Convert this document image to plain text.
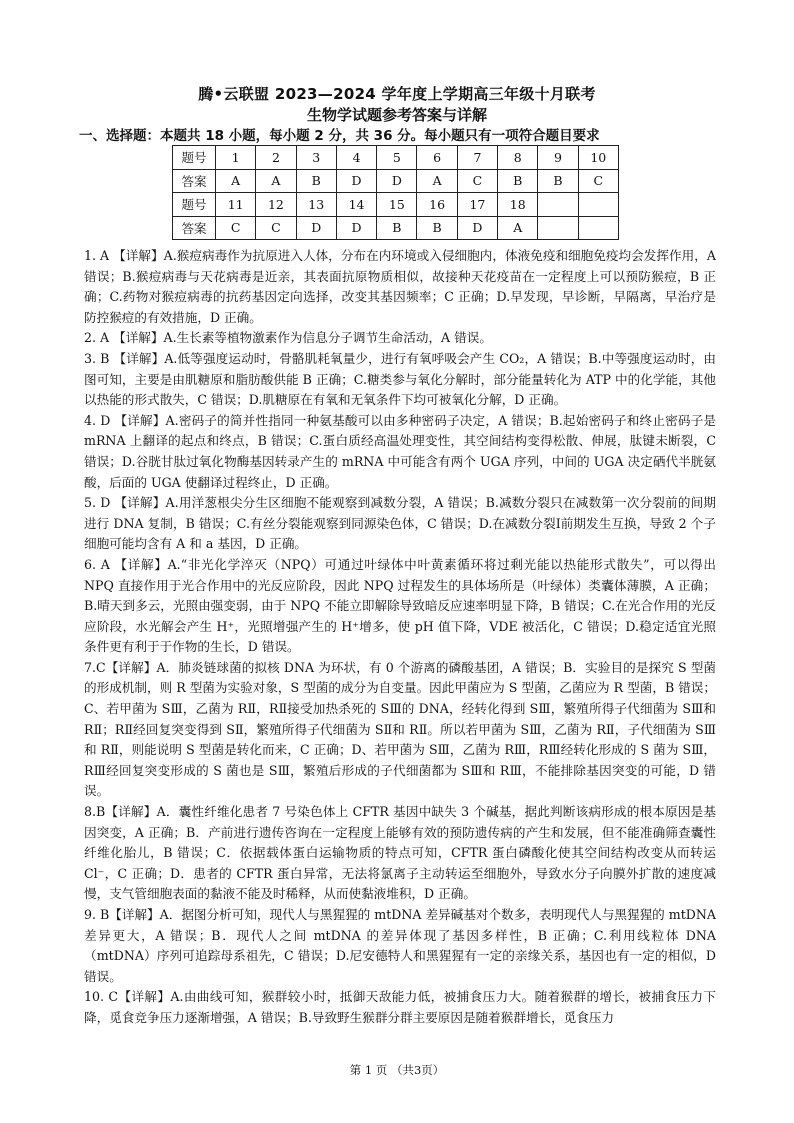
腾•云联盟 2023—2024 学年度上学期高三年级十月联考
生物学试题参考答案与详解
一、选择题：本题共 18 小题，每小题 2 分，共 36 分。每小题只有一项符合题目要求
题号	1	2	3	4	5	6	7	8	9	10
答案	A	A	B	D	D	A	C	B	B	C
题号	11	12	13	14	15	16	17	18		
答案	C	C	D	D	B	B	D	A		

1. A 【详解】A.猴痘病毒作为抗原进入人体，分布在内环境或入侵细胞内，体液免疫和细胞免疫均会发挥作用，A 错误；B.猴痘病毒与天花病毒是近亲，其表面抗原物质相似，故接种天花疫苗在一定程度上可以预防猴痘，B 正确；C.药物对猴痘病毒的抗药基因定向选择，改变其基因频率；C 正确；D.早发现，早诊断，早隔离，早治疗是防控猴痘的有效措施，D 正确。

2. A 【详解】A.生长素等植物激素作为信息分子调节生命活动，A 错误。

3. B 【详解】A.低等强度运动时，骨骼肌耗氧量少，进行有氧呼吸会产生 CO₂，A 错误；B.中等强度运动时，由图可知，主要是由肌糖原和脂肪酸供能 B 正确；C.糖类参与氧化分解时，部分能量转化为 ATP 中的化学能，其他以热能的形式散失，C 错误；D.肌糖原在有氧和无氧条件下均可被氧化分解，D 正确。

4. D 【详解】A.密码子的简并性指同一种氨基酸可以由多种密码子决定，A 错误；B.起始密码子和终止密码子是 mRNA 上翻译的起点和终点，B 错误；C.蛋白质经高温处理变性，其空间结构变得松散、伸展，肽键未断裂，C 错误；D.谷胱甘肽过氧化物酶基因转录产生的 mRNA 中可能含有两个 UGA 序列，中间的 UGA 决定硒代半胱氨酸，后面的 UGA 使翻译过程终止，D 正确。

5. D 【详解】A.用洋葱根尖分生区细胞不能观察到减数分裂，A 错误；B.减数分裂只在减数第一次分裂前的间期进行 DNA 复制，B 错误；C.有丝分裂能观察到同源染色体，C 错误；D.在减数分裂Ⅰ前期发生互换，导致 2 个子细胞可能均含有 A 和 a 基因，D 正确。

6. A 【详解】A.“非光化学淬灭（NPQ）可通过叶绿体中叶黄素循环将过剩光能以热能形式散失”，可以得出 NPQ 直接作用于光合作用中的光反应阶段，因此 NPQ 过程发生的具体场所是（叶绿体）类囊体薄膜，A 正确；B.晴天到多云，光照由强变弱，由于 NPQ 不能立即解除导致暗反应速率明显下降，B 错误；C.在光合作用的光反应阶段，水光解会产生 H⁺，光照增强产生的 H⁺增多，使 pH 值下降，VDE 被活化，C 错误；D.稳定适宜光照条件更有利于于作物的生长，D 错误。

7.C【详解】A．肺炎链球菌的拟核 DNA 为环状，有 0 个游离的磷酸基团，A 错误；B．实验目的是探究 S 型菌的形成机制，则 R 型菌为实验对象，S 型菌的成分为自变量。因此甲菌应为 S 型菌，乙菌应为 R 型菌，B 错误；C、若甲菌为 SⅢ，乙菌为 RⅡ，RⅡ接受加热杀死的 SⅢ的 DNA，经转化得到 SⅢ，繁殖所得子代细菌为 SⅢ和 RⅡ；RⅡ经回复突变得到 SⅡ，繁殖所得子代细菌为 SⅡ和 RⅡ。所以若甲菌为 SⅢ，乙菌为 RⅡ，子代细菌为 SⅢ和 RⅡ，则能说明 S 型菌是转化而来，C 正确；D、若甲菌为 SⅢ，乙菌为 RⅢ，RⅢ经转化形成的 S 菌为 SⅢ，RⅢ经回复突变形成的 S 菌也是 SⅢ，繁殖后形成的子代细菌都为 SⅢ和 RⅢ，不能排除基因突变的可能，D 错误。

8.B【详解】A．囊性纤维化患者 7 号染色体上 CFTR 基因中缺失 3 个碱基，据此判断该病形成的根本原因是基因突变，A 正确；B．产前进行遗传咨询在一定程度上能够有效的预防遗传病的产生和发展，但不能准确筛查囊性纤维化胎儿，B 错误；C．依据载体蛋白运输物质的特点可知，CFTR 蛋白磷酸化使其空间结构改变从而转运 Cl⁻，C 正确；D．患者的 CFTR 蛋白异常，无法将氯离子主动转运至细胞外，导致水分子向膜外扩散的速度减慢，支气管细胞表面的黏液不能及时稀释，从而使黏液堆积，D 正确。

9. B【详解】A．据图分析可知，现代人与黑猩猩的 mtDNA 差异碱基对个数多，表明现代人与黑猩猩的 mtDNA 差异更大，A 错误；B．现代人之间 mtDNA 的差异体现了基因多样性，B 正确；C.利用线粒体 DNA（mtDNA）序列可追踪母系祖先，C 错误；D.尼安德特人和黑猩猩有一定的亲缘关系，基因也有一定的相似，D 错误。

10. C【详解】A.由曲线可知，猴群较小时，抵御天敌能力低，被捕食压力大。随着猴群的增长，被捕食压力下降，觅食竞争压力逐渐增强，A 错误；B.导致野生猴群分群主要原因是随着猴群增长，觅食压力

第 1 页 （共3页）
